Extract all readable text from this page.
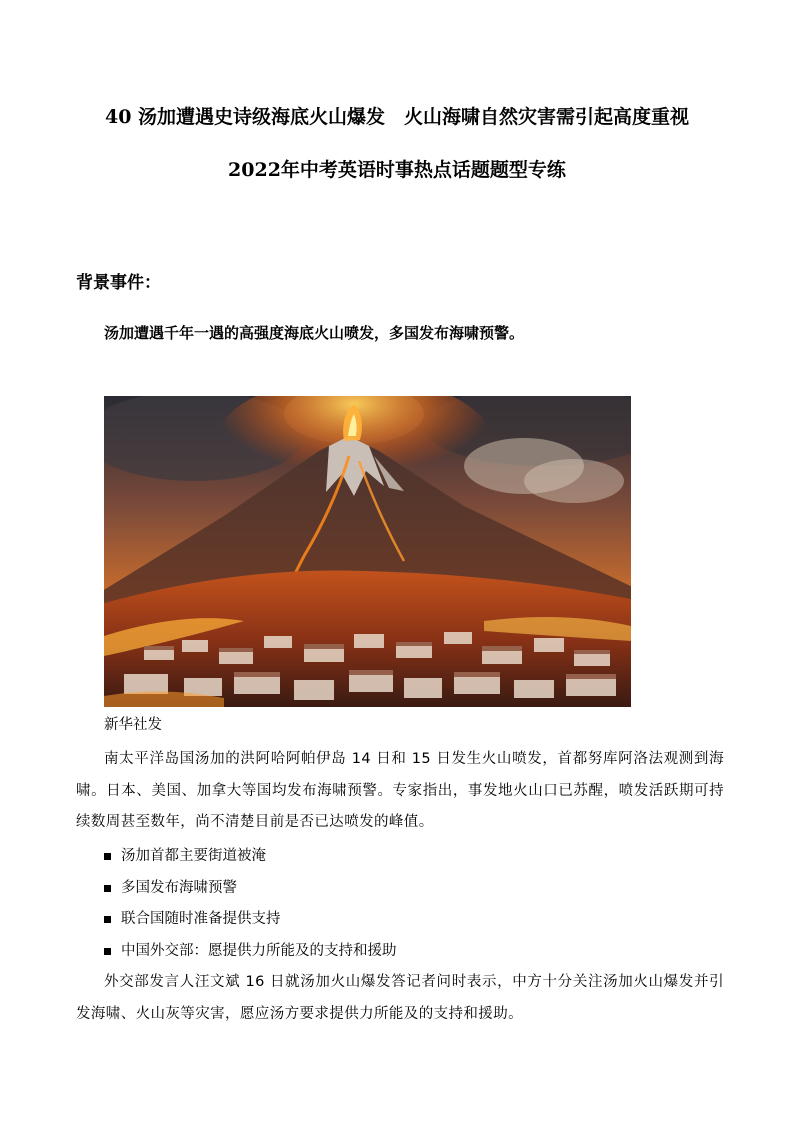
40 汤加遭遇史诗级海底火山爆发　火山海啸自然灾害需引起高度重视
2022年中考英语时事热点话题题型专练
背景事件：
汤加遭遇千年一遇的高强度海底火山喷发，多国发布海啸预警。
新华社发
南太平洋岛国汤加的洪阿哈阿帕伊岛 14 日和 15 日发生火山喷发，首都努库阿洛法观测到海啸。日本、美国、加拿大等国均发布海啸预警。专家指出，事发地火山口已苏醒，喷发活跃期可持续数周甚至数年，尚不清楚目前是否已达喷发的峰值。
汤加首都主要街道被淹
多国发布海啸预警
联合国随时准备提供支持
中国外交部：愿提供力所能及的支持和援助
外交部发言人汪文斌 16 日就汤加火山爆发答记者问时表示，中方十分关注汤加火山爆发并引发海啸、火山灰等灾害，愿应汤方要求提供力所能及的支持和援助。
